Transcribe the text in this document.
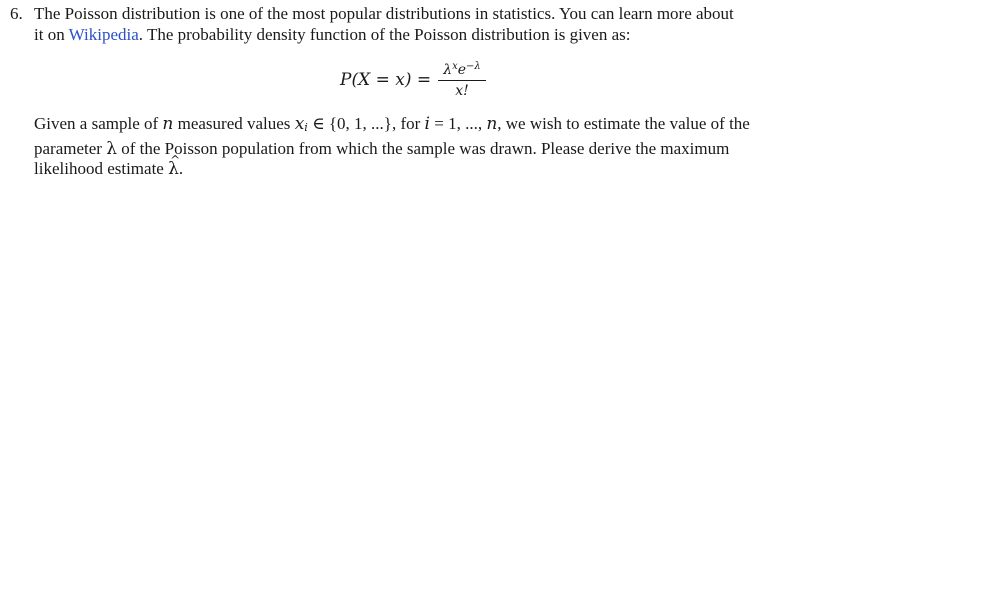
6. The Poisson distribution is one of the most popular distributions in statistics. You can learn more about
it on Wikipedia. The probability density function of the Poisson distribution is given as:
$P(X = x) = \lambda^xe^{-\lambda}$
x!
Given a sample of n measured values $x_i$ ∈ {0, 1, ...}, for i = 1, ..., n, we wish to estimate the value of the
parameter λ of the Poisson population from which the sample was drawn. Please derive the maximum
likelihood estimate ^ λ.
